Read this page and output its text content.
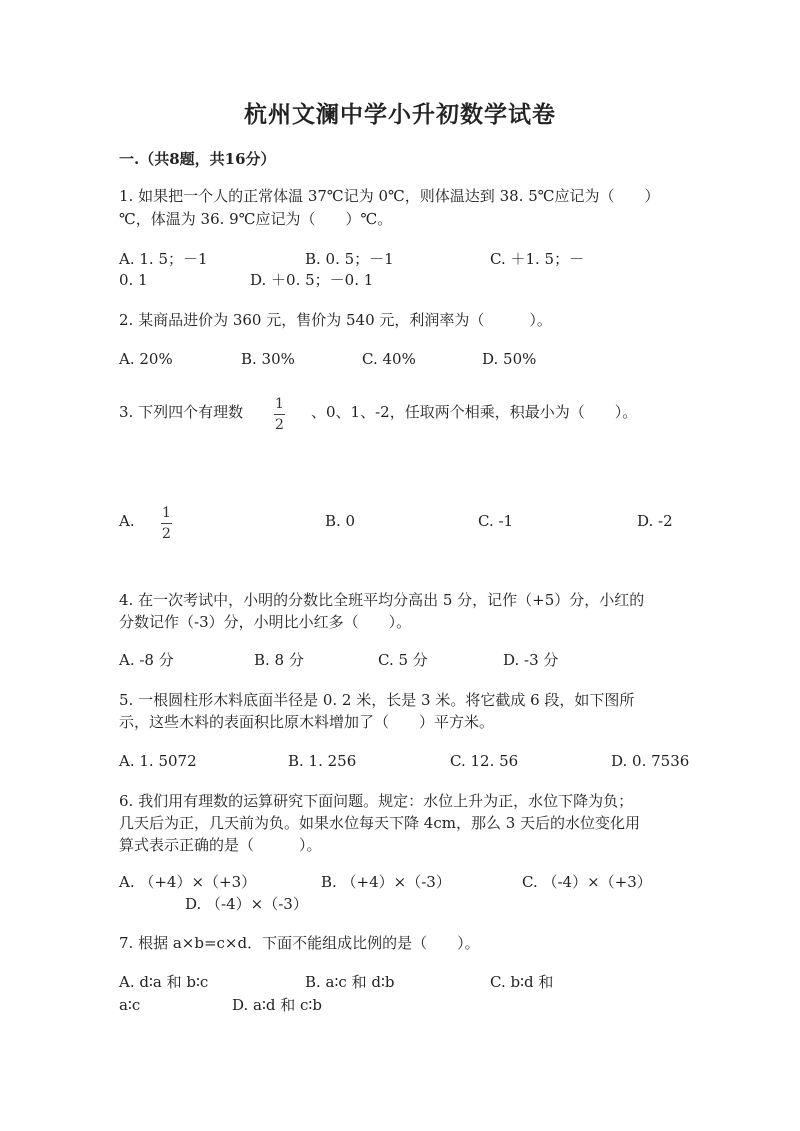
杭州文澜中学小升初数学试卷
一.（共8题，共16分）
1. 如果把一个人的正常体温 37℃记为 0℃，则体温达到 38. 5℃应记为（　　）
℃，体温为 36. 9℃应记为（　　）℃。
A. 1. 5；－1	B. 0. 5；－1	C. ＋1. 5；－
0. 1	D. ＋0. 5；－0. 1
2. 某商品进价为 360 元，售价为 540 元，利润率为（　　　）。
A. 20%	B. 30%	C. 40%	D. 50%
3. 下列四个有理数 1
2
、0、1、-2，任取两个相乘，积最小为（　　）。
A. 1
2
B. 0	C. -1	D. -2
4. 在一次考试中，小明的分数比全班平均分高出 5 分，记作（+5）分，小红的
分数记作（-3）分，小明比小红多（　　）。
A. -8 分	B. 8 分	C. 5 分	D. -3 分
5. 一根圆柱形木料底面半径是 0. 2 米，长是 3 米。将它截成 6 段，如下图所
示，这些木料的表面积比原木料增加了（　　）平方米。
A. 1. 5072	B. 1. 256	C. 12. 56	D. 0. 7536
6. 我们用有理数的运算研究下面问题。规定：水位上升为正，水位下降为负；
几天后为正，几天前为负。如果水位每天下降 4cm，那么 3 天后的水位变化用
算式表示正确的是（　　　）。
A. （+4）×（+3）	B. （+4）×（-3）	C. （-4）×（+3）
D. （-4）×（-3）
7. 根据 a×b=c×d．下面不能组成比例的是（　　）。
A. d∶a 和 b∶c	B. a∶c 和 d∶b	C. b∶d 和
a∶c	D. a∶d 和 c∶b
